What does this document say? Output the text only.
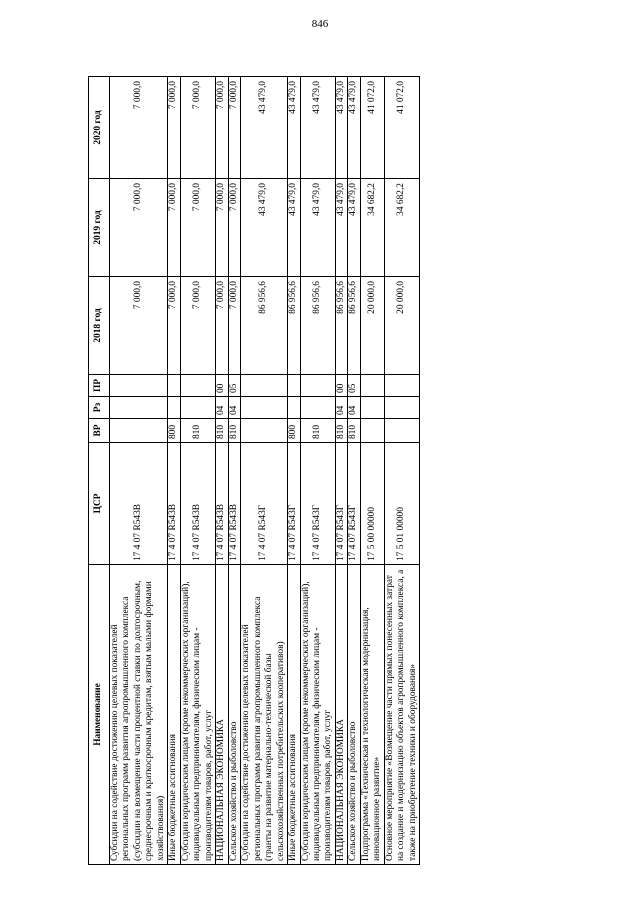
846
Наименование	ЦСР	ВР	Рз	ПР	2018 год	2019 год	2020 год
Субсидии на содействие достижению целевых показателей региональных программ развития агропромышленного комплекса (субсидии на возмещение части процентной ставки по долгосрочным, среднесрочным и краткосрочным кредитам, взятым малыми формами хозяйствования)	17 4 07 R543В				7 000,0	7 000,0	7 000,0
Иные бюджетные ассигнования	17 4 07 R543В	800			7 000,0	7 000,0	7 000,0
Субсидии юридическим лицам (кроме некоммерческих организаций), индивидуальным предпринимателям, физическим лицам - производителям товаров, работ, услуг	17 4 07 R543В	810			7 000,0	7 000,0	7 000,0
НАЦИОНАЛЬНАЯ ЭКОНОМИКА	17 4 07 R543В	810	04	00	7 000,0	7 000,0	7 000,0
Сельское хозяйство и рыболовство	17 4 07 R543В	810	04	05	7 000,0	7 000,0	7 000,0
Субсидии на содействие достижению целевых показателей региональных программ развития агропромышленного комплекса (гранты на развитие материально-технической базы сельскохозяйственных потребительских кооперативов)	17 4 07 R543Г				86 956,6	43 479,0	43 479,0
Иные бюджетные ассигнования	17 4 07 R543Г	800			86 956,6	43 479,0	43 479,0
Субсидии юридическим лицам (кроме некоммерческих организаций), индивидуальным предпринимателям, физическим лицам - производителям товаров, работ, услуг	17 4 07 R543Г	810			86 956,6	43 479,0	43 479,0
НАЦИОНАЛЬНАЯ ЭКОНОМИКА	17 4 07 R543Г	810	04	00	86 956,6	43 479,0	43 479,0
Сельское хозяйство и рыболовство	17 4 07 R543Г	810	04	05	86 956,6	43 479,0	43 479,0
Подпрограмма «Техническая и технологическая модернизация, инновационное развитие»	17 5 00 00000				20 000,0	34 682,2	41 072,0
Основное мероприятие «Возмещение части прямых понесенных затрат на создание и модернизацию объектов агропромышленного комплекса, а также на приобретение техники и оборудования»	17 5 01 00000				20 000,0	34 682,2	41 072,0
